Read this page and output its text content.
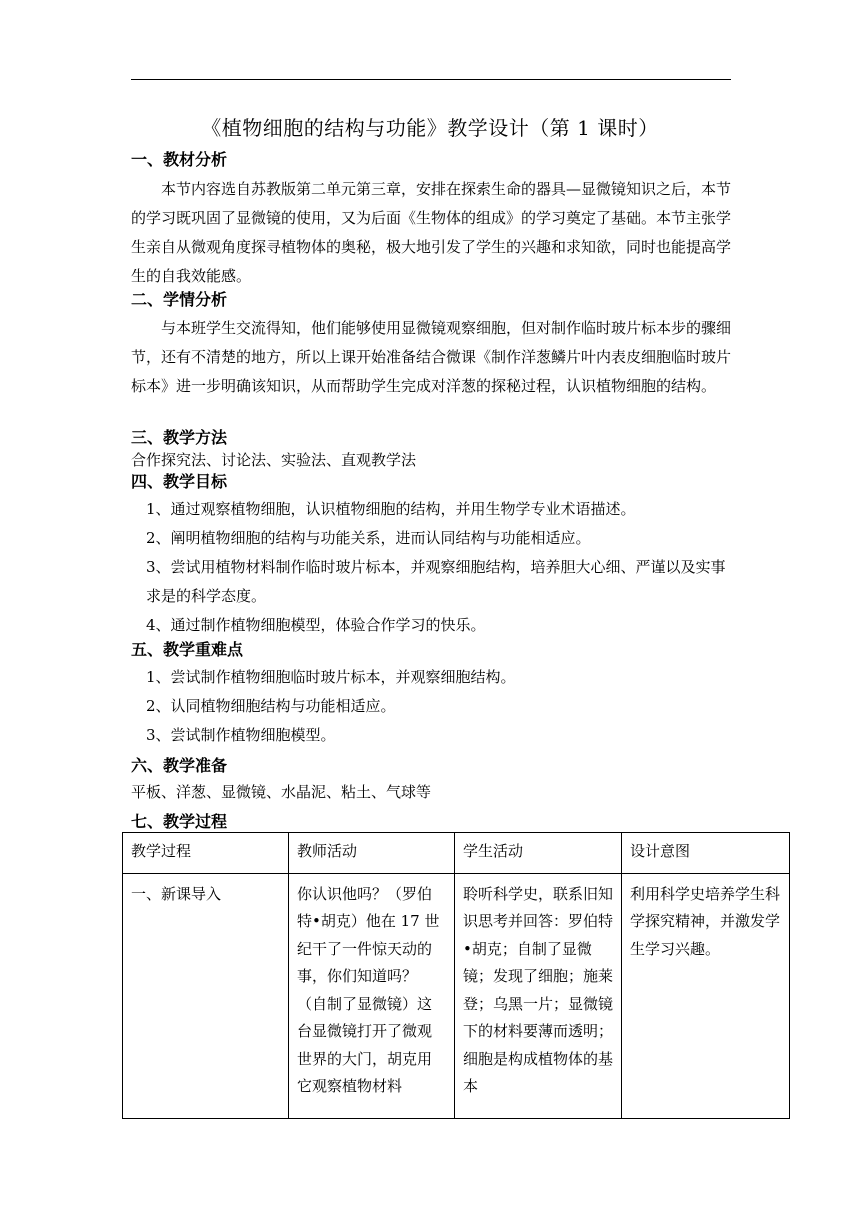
《植物细胞的结构与功能》教学设计（第 1 课时）
一、教材分析
本节内容选自苏教版第二单元第三章，安排在探索生命的器具—显微镜知识之后，本节的学习既巩固了显微镜的使用，又为后面《生物体的组成》的学习奠定了基础。本节主张学生亲自从微观角度探寻植物体的奥秘，极大地引发了学生的兴趣和求知欲，同时也能提高学生的自我效能感。
二、学情分析
与本班学生交流得知，他们能够使用显微镜观察细胞，但对制作临时玻片标本步的骤细节，还有不清楚的地方，所以上课开始准备结合微课《制作洋葱鳞片叶内表皮细胞临时玻片标本》进一步明确该知识，从而帮助学生完成对洋葱的探秘过程，认识植物细胞的结构。
三、教学方法
合作探究法、讨论法、实验法、直观教学法
四、教学目标
1、通过观察植物细胞，认识植物细胞的结构，并用生物学专业术语描述。
2、阐明植物细胞的结构与功能关系，进而认同结构与功能相适应。
3、尝试用植物材料制作临时玻片标本，并观察细胞结构，培养胆大心细、严谨以及实事求是的科学态度。
4、通过制作植物细胞模型，体验合作学习的快乐。
五、教学重难点
1、尝试制作植物细胞临时玻片标本，并观察细胞结构。
2、认同植物细胞结构与功能相适应。
3、尝试制作植物细胞模型。
六、教学准备
平板、洋葱、显微镜、水晶泥、粘土、气球等
七、教学过程
教学过程	教师活动	学生活动	设计意图

一、新课导入	你认识他吗？（罗伯特•胡克）他在 17 世纪干了一件惊天动的事，你们知道吗？（自制了显微镜）这台显微镜打开了微观世界的大门，胡克用它观察植物材料	聆听科学史，联系旧知识思考并回答：罗伯特•胡克；自制了显微镜；发现了细胞；施莱登；乌黑一片；显微镜下的材料要薄而透明；细胞是构成植物体的基本	利用科学史培养学生科学探究精神，并激发学生学习兴趣。
